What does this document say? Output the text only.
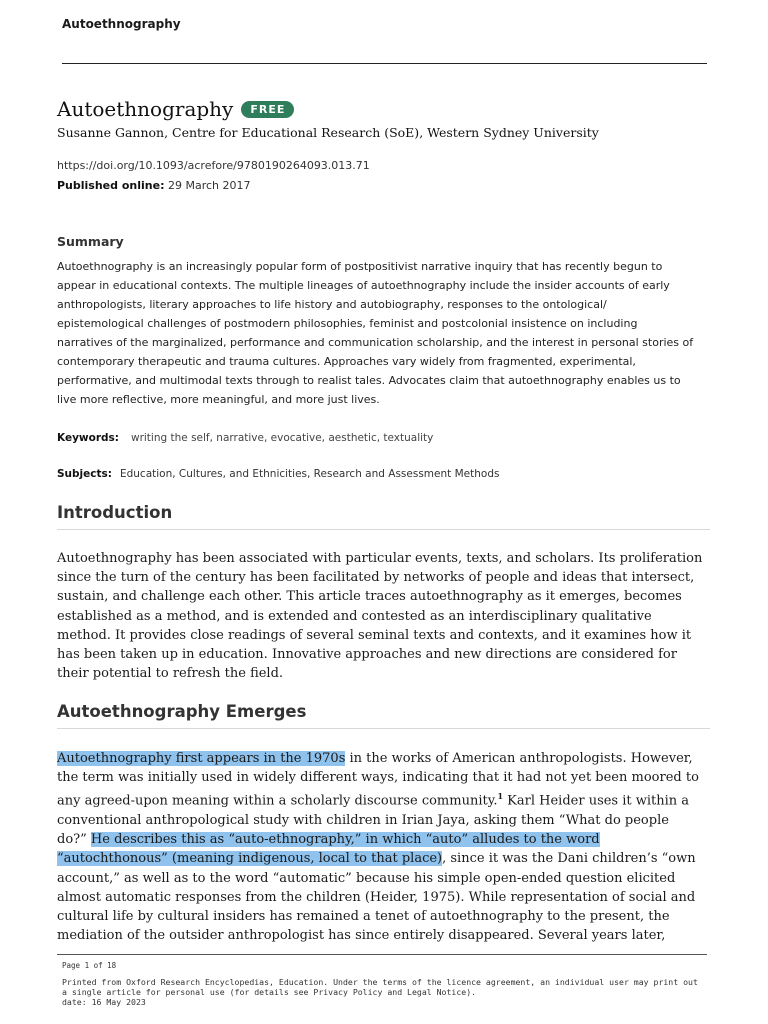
Autoethnography
Autoethnography	FREE
Susanne Gannon, Centre for Educational Research (SoE), Western Sydney University
https://doi.org/10.1093/acrefore/9780190264093.013.71
Published online: 29 March 2017
Summary
Autoethnography is an increasingly popular form of postpositivist narrative inquiry that has recently begun to
appear in educational contexts. The multiple lineages of autoethnography include the insider accounts of early
anthropologists, literary approaches to life history and autobiography, responses to the ontological/
epistemological challenges of postmodern philosophies, feminist and postcolonial insistence on including
narratives of the marginalized, performance and communication scholarship, and the interest in personal stories of
contemporary therapeutic and trauma cultures. Approaches vary widely from fragmented, experimental,
performative, and multimodal texts through to realist tales. Advocates claim that autoethnography enables us to
live more reflective, more meaningful, and more just lives.
Keywords: writing the self, narrative, evocative, aesthetic, textuality
Subjects: Education, Cultures, and Ethnicities, Research and Assessment Methods
Introduction
Autoethnography has been associated with particular events, texts, and scholars. Its proliferation
since the turn of the century has been facilitated by networks of people and ideas that intersect,
sustain, and challenge each other. This article traces autoethnography as it emerges, becomes
established as a method, and is extended and contested as an interdisciplinary qualitative
method. It provides close readings of several seminal texts and contexts, and it examines how it
has been taken up in education. Innovative approaches and new directions are considered for
their potential to refresh the field.
Autoethnography Emerges
Autoethnography first appears in the 1970s in the works of American anthropologists. However,
the term was initially used in widely different ways, indicating that it had not yet been moored to
any agreed-upon meaning within a scholarly discourse community.$^1$ Karl Heider uses it within a
conventional anthropological study with children in Irian Jaya, asking them “What do people
do?” He describes this as “auto-ethnography,” in which “auto” alludes to the word
“autochthonous” (meaning indigenous, local to that place), since it was the Dani children’s “own
account,” as well as to the word “automatic” because his simple open-ended question elicited
almost automatic responses from the children (Heider, 1975). While representation of social and
cultural life by cultural insiders has remained a tenet of autoethnography to the present, the
mediation of the outsider anthropologist has since entirely disappeared. Several years later,
Page 1 of 18
Printed from Oxford Research Encyclopedias, Education. Under the terms of the licence agreement, an individual user may print out
a single article for personal use (for details see Privacy Policy and Legal Notice).
date: 16 May 2023
